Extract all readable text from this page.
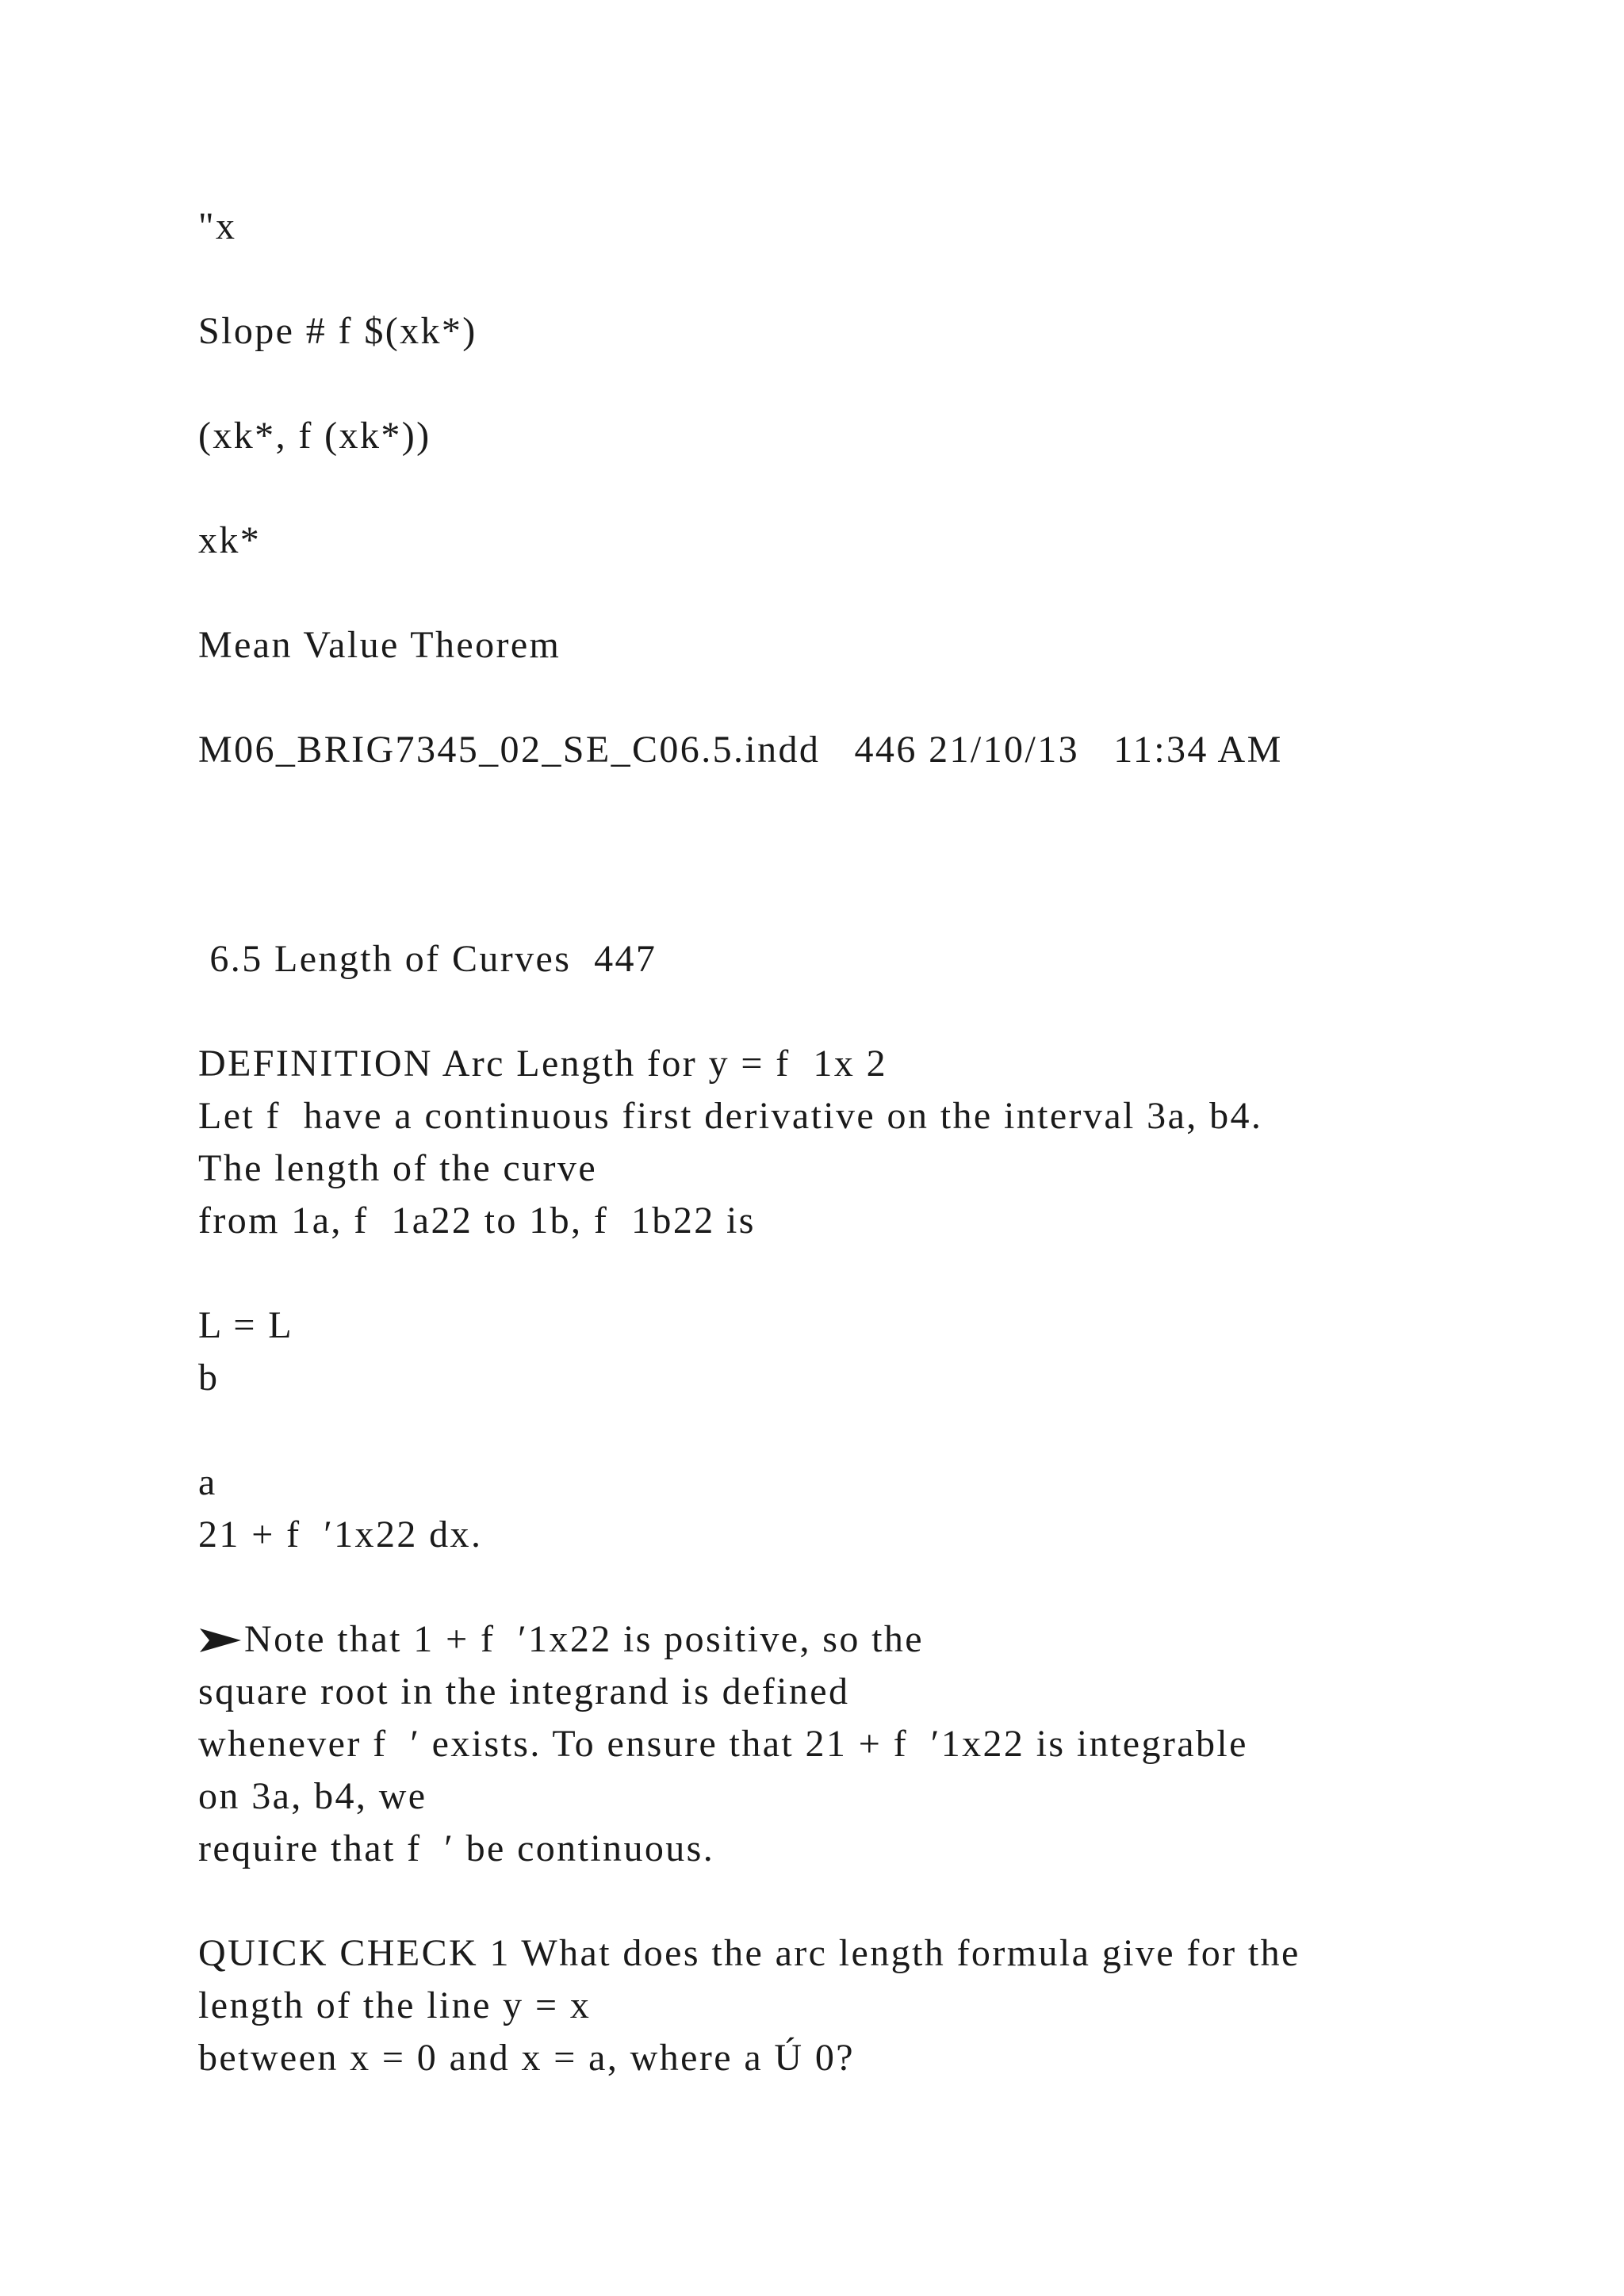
"x
Slope # f $(xk*)
(xk*, f (xk*))
xk*
Mean Value Theorem
M06_BRIG7345_02_SE_C06.5.indd   446 21/10/13   11:34 AM
6.5 Length of Curves  447
DEFINITION Arc Length for y = f  1x 2
Let f  have a continuous first derivative on the interval 3a, b4.
The length of the curve
from 1a, f  1a22 to 1b, f  1b22 is
L = L
b
a
21 + f  ′1x22 dx.
Note that 1 + f  ′1x22 is positive, so the
square root in the integrand is defined
whenever f  ′ exists. To ensure that 21 + f  ′1x22 is integrable
on 3a, b4, we
require that f  ′ be continuous.
QUICK CHECK 1 What does the arc length formula give for the
length of the line y = x
between x = 0 and x = a, where a Ú 0?
